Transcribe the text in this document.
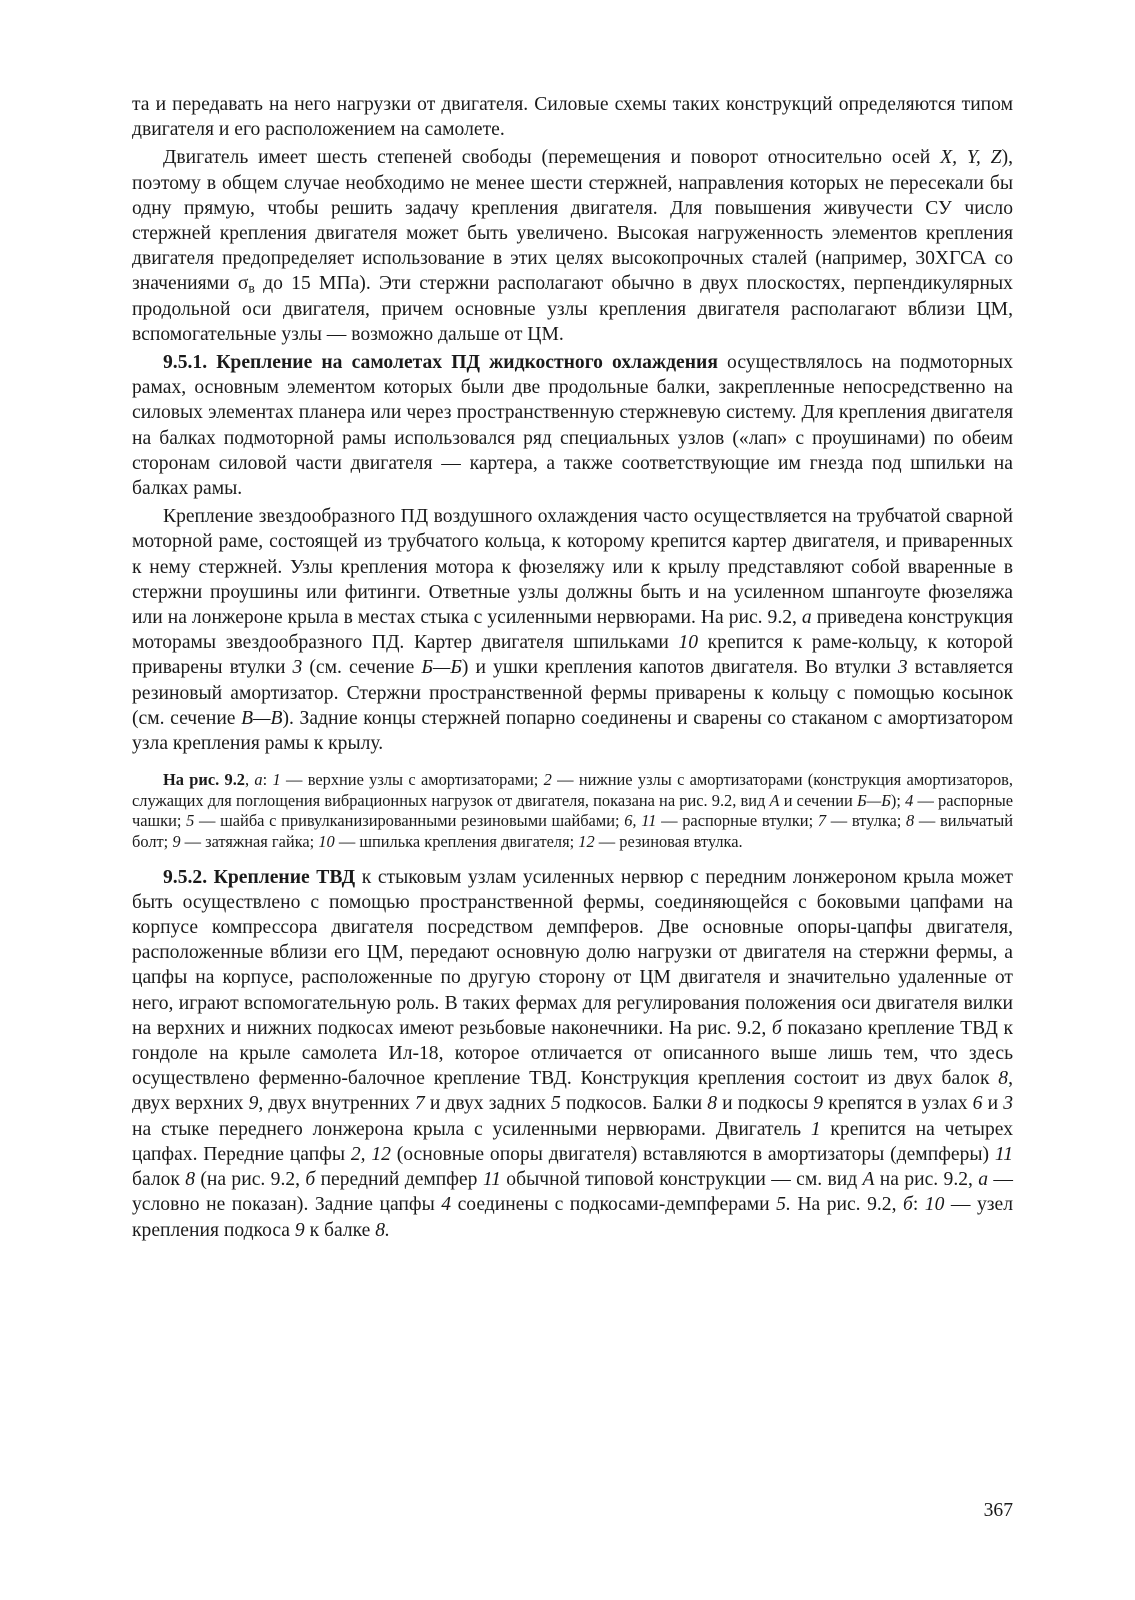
та и передавать на него нагрузки от двигателя. Силовые схемы таких конструкций определяются типом двигателя и его расположением на самолете.

Двигатель имеет шесть степеней свободы (перемещения и поворот относительно осей X, Y, Z), поэтому в общем случае необходимо не менее шести стержней, направления которых не пересекали бы одну прямую, чтобы решить задачу крепления двигателя. Для повышения живучести СУ число стержней крепления двигателя может быть увеличено. Высокая нагруженность элементов крепления двигателя предопределяет использование в этих целях высокопрочных сталей (например, 30ХГСА со значениями $\sigma_в$ до 15 МПа). Эти стержни располагают обычно в двух плоскостях, перпендикулярных продольной оси двигателя, причем основные узлы крепления двигателя располагают вблизи ЦМ, вспомогательные узлы — возможно дальше от ЦМ.

9.5.1. Крепление на самолетах ПД жидкостного охлаждения осуществлялось на подмоторных рамах, основным элементом которых были две продольные балки, закрепленные непосредственно на силовых элементах планера или через пространственную стержневую систему. Для крепления двигателя на балках подмоторной рамы использовался ряд специальных узлов («лап» с проушинами) по обеим сторонам силовой части двигателя — картера, а также соответствующие им гнезда под шпильки на балках рамы.

Крепление звездообразного ПД воздушного охлаждения часто осуществляется на трубчатой сварной моторной раме, состоящей из трубчатого кольца, к которому крепится картер двигателя, и приваренных к нему стержней. Узлы крепления мотора к фюзеляжу или к крылу представляют собой вваренные в стержни проушины или фитинги. Ответные узлы должны быть и на усиленном шпангоуте фюзеляжа или на лонжероне крыла в местах стыка с усиленными нервюрами. На рис. 9.2, а приведена конструкция моторамы звездообразного ПД. Картер двигателя шпильками 10 крепится к раме-кольцу, к которой приварены втулки 3 (см. сечение Б—Б) и ушки крепления капотов двигателя. Во втулки 3 вставляется резиновый амортизатор. Стержни пространственной фермы приварены к кольцу с помощью косынок (см. сечение В—В). Задние концы стержней попарно соединены и сварены со стаканом с амортизатором узла крепления рамы к крылу.

На рис. 9.2, а: 1 — верхние узлы с амортизаторами; 2 — нижние узлы с амортизаторами (конструкция амортизаторов, служащих для поглощения вибрационных нагрузок от двигателя, показана на рис. 9.2, вид А и сечении Б—Б); 4 — распорные чашки; 5 — шайба с привулканизированными резиновыми шайбами; 6, 11 — распорные втулки; 7 — втулка; 8 — вильчатый болт; 9 — затяжная гайка; 10 — шпилька крепления двигателя; 12 — резиновая втулка.

9.5.2. Крепление ТВД к стыковым узлам усиленных нервюр с передним лонжероном крыла может быть осуществлено с помощью пространственной фермы, соединяющейся с боковыми цапфами на корпусе компрессора двигателя посредством демпферов. Две основные опоры-цапфы двигателя, расположенные вблизи его ЦМ, передают основную долю нагрузки от двигателя на стержни фермы, а цапфы на корпусе, расположенные по другую сторону от ЦМ двигателя и значительно удаленные от него, играют вспомогательную роль. В таких фермах для регулирования положения оси двигателя вилки на верхних и нижних подкосах имеют резьбовые наконечники. На рис. 9.2, б показано крепление ТВД к гондоле на крыле самолета Ил-18, которое отличается от описанного выше лишь тем, что здесь осуществлено ферменно-балочное крепление ТВД. Конструкция крепления состоит из двух балок 8, двух верхних 9, двух внутренних 7 и двух задних 5 подкосов. Балки 8 и подкосы 9 крепятся в узлах 6 и 3 на стыке переднего лонжерона крыла с усиленными нервюрами. Двигатель 1 крепится на четырех цапфах. Передние цапфы 2, 12 (основные опоры двигателя) вставляются в амортизаторы (демпферы) 11 балок 8 (на рис. 9.2, б передний демпфер 11 обычной типовой конструкции — см. вид А на рис. 9.2, а — условно не показан). Задние цапфы 4 соединены с подкосами-демпферами 5. На рис. 9.2, б: 10 — узел крепления подкоса 9 к балке 8.

367
